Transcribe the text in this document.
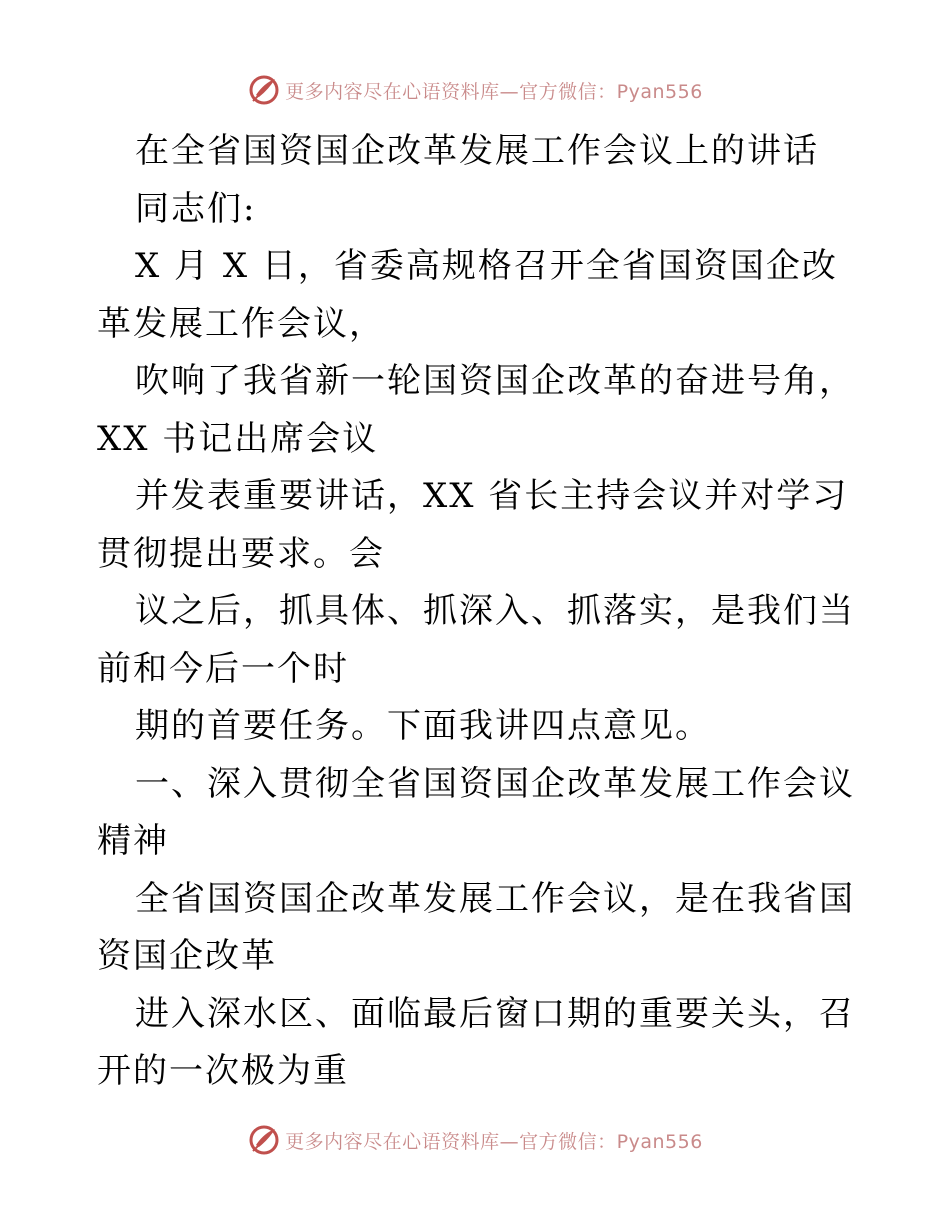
更多内容尽在心语资料库—官方微信：Pyan556

在全省国资国企改革发展工作会议上的讲话

同志们:

X 月 X 日，省委高规格召开全省国资国企改革发展工作会议，

吹响了我省新一轮国资国企改革的奋进号角，XX 书记出席会议

并发表重要讲话，XX 省长主持会议并对学习贯彻提出要求。会

议之后，抓具体、抓深入、抓落实，是我们当前和今后一个时

期的首要任务。下面我讲四点意见。

一、深入贯彻全省国资国企改革发展工作会议精神

全省国资国企改革发展工作会议，是在我省国资国企改革

进入深水区、面临最后窗口期的重要关头，召开的一次极为重

更多内容尽在心语资料库—官方微信：Pyan556
